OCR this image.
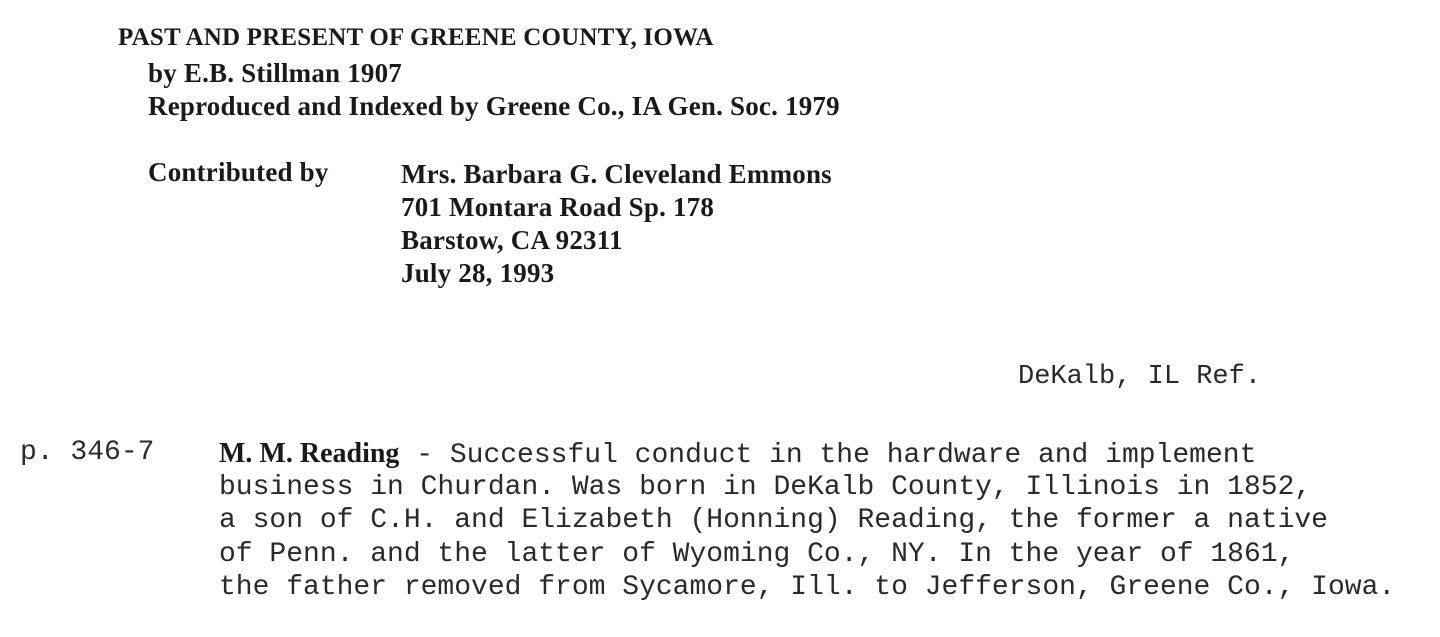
PAST AND PRESENT OF GREENE COUNTY, IOWA
by E.B. Stillman 1907
Reproduced and Indexed by Greene Co., IA Gen. Soc. 1979
Contributed by	Mrs. Barbara G. Cleveland Emmons
701 Montara Road Sp. 178
Barstow, CA 92311
July 28, 1993
DeKalb, IL Ref.
p. 346-7 M. M. Reading - Successful conduct in the hardware and implement
business in Churdan. Was born in DeKalb County, Illinois in 1852,
a son of C.H. and Elizabeth (Honning) Reading, the former a native
of Penn. and the latter of Wyoming Co., NY. In the year of 1861,
the father removed from Sycamore, Ill. to Jefferson, Greene Co., Iowa.
